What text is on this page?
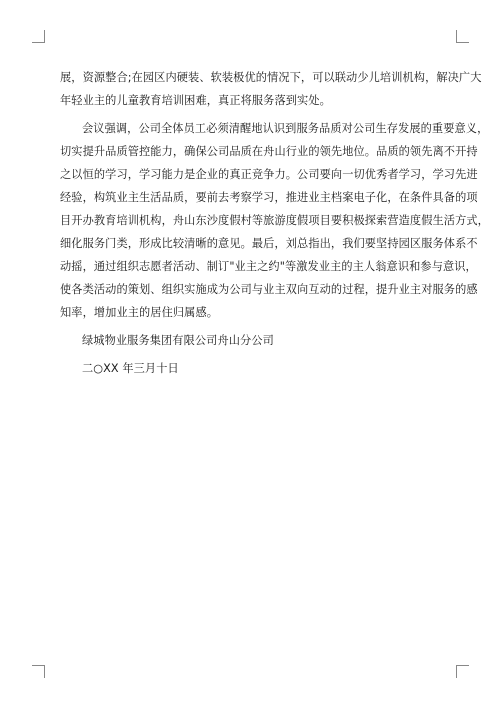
展，资源整合;在园区内硬装、软装极优的情况下，可以联动少儿培训机构，解决广大
年轻业主的儿童教育培训困难，真正将服务落到实处。
会议强调，公司全体员工必须清醒地认识到服务品质对公司生存发展的重要意义，
切实提升品质管控能力，确保公司品质在舟山行业的领先地位。品质的领先离不开持
之以恒的学习，学习能力是企业的真正竞争力。公司要向一切优秀者学习，学习先进
经验，构筑业主生活品质，要前去考察学习，推进业主档案电子化，在条件具备的项
目开办教育培训机构，舟山东沙度假村等旅游度假项目要积极探索营造度假生活方式，
细化服务门类，形成比较清晰的意见。最后，刘总指出，我们要坚持园区服务体系不
动摇，通过组织志愿者活动、制订"业主之约"等激发业主的主人翁意识和参与意识，
使各类活动的策划、组织实施成为公司与业主双向互动的过程，提升业主对服务的感
知率，增加业主的居住归属感。
绿城物业服务集团有限公司舟山分公司
二○XX 年三月十日
